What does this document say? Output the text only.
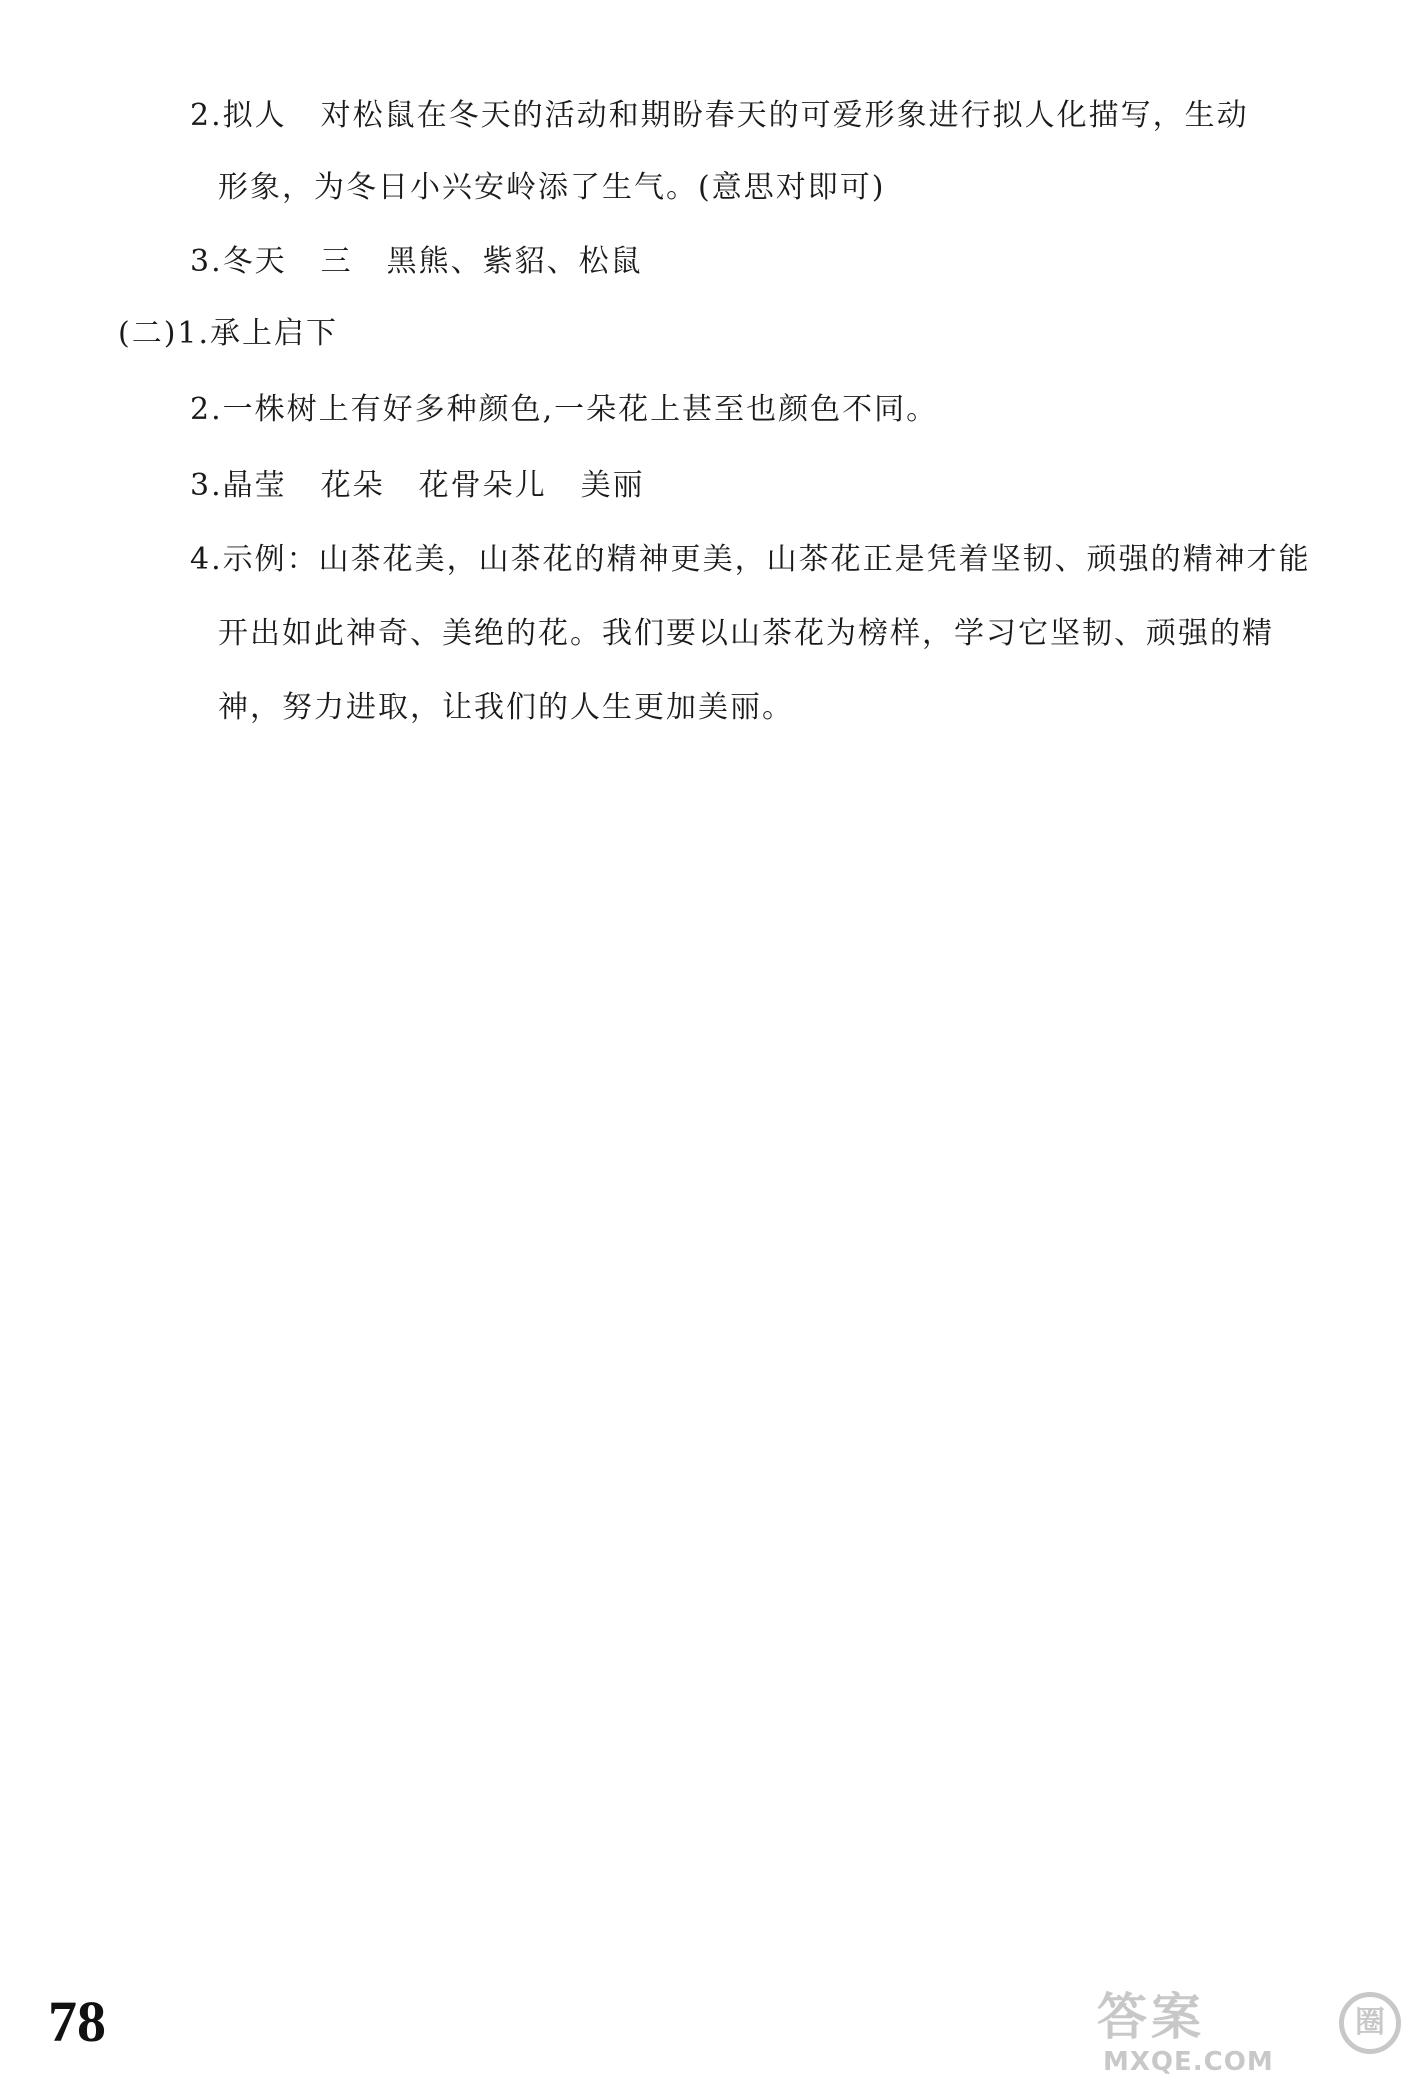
2.拟人 对松鼠在冬天的活动和期盼春天的可爱形象进行拟人化描写，生动
形象，为冬日小兴安岭添了生气。(意思对即可)
3.冬天 三 黑熊、紫貂、松鼠
(二)1.承上启下
2.一株树上有好多种颜色,一朵花上甚至也颜色不同。
3.晶莹 花朵 花骨朵儿 美丽
4.示例：山茶花美，山茶花的精神更美，山茶花正是凭着坚韧、顽强的精神才能
开出如此神奇、美绝的花。我们要以山茶花为榜样，学习它坚韧、顽强的精
神，努力进取，让我们的人生更加美丽。
78	答案	圈
MXQE.COM
